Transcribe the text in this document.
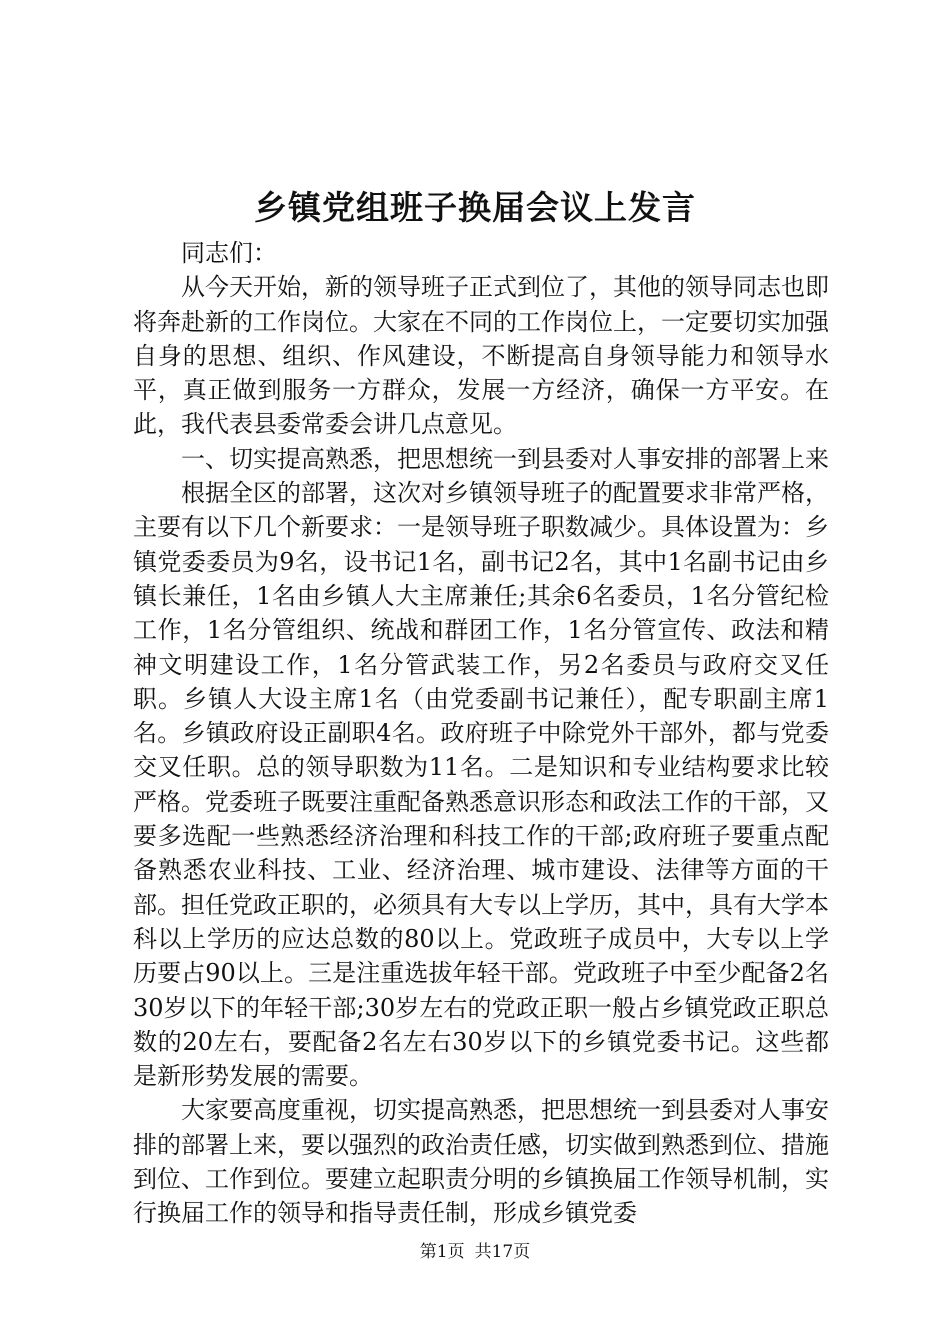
乡镇党组班子换届会议上发言

同志们：

从今天开始，新的领导班子正式到位了，其他的领导同志也即将奔赴新的工作岗位。大家在不同的工作岗位上，一定要切实加强自身的思想、组织、作风建设，不断提高自身领导能力和领导水平，真正做到服务一方群众，发展一方经济，确保一方平安。在此，我代表县委常委会讲几点意见。

一、切实提高熟悉，把思想统一到县委对人事安排的部署上来

根据全区的部署，这次对乡镇领导班子的配置要求非常严格，主要有以下几个新要求：一是领导班子职数减少。具体设置为：乡镇党委委员为9名，设书记1名，副书记2名，其中1名副书记由乡镇长兼任，1名由乡镇人大主席兼任;其余6名委员，1名分管纪检工作，1名分管组织、统战和群团工作，1名分管宣传、政法和精神文明建设工作，1名分管武装工作，另2名委员与政府交叉任职。乡镇人大设主席1名（由党委副书记兼任），配专职副主席1名。乡镇政府设正副职4名。政府班子中除党外干部外，都与党委交叉任职。总的领导职数为11名。二是知识和专业结构要求比较严格。党委班子既要注重配备熟悉意识形态和政法工作的干部，又要多选配一些熟悉经济治理和科技工作的干部;政府班子要重点配备熟悉农业科技、工业、经济治理、城市建设、法律等方面的干部。担任党政正职的，必须具有大专以上学历，其中，具有大学本科以上学历的应达总数的80以上。党政班子成员中，大专以上学历要占90以上。三是注重选拔年轻干部。党政班子中至少配备2名30岁以下的年轻干部;30岁左右的党政正职一般占乡镇党政正职总数的20左右，要配备2名左右30岁以下的乡镇党委书记。这些都是新形势发展的需要。

大家要高度重视，切实提高熟悉，把思想统一到县委对人事安排的部署上来，要以强烈的政治责任感，切实做到熟悉到位、措施到位、工作到位。要建立起职责分明的乡镇换届工作领导机制，实行换届工作的领导和指导责任制，形成乡镇党委

第1页 共17页
